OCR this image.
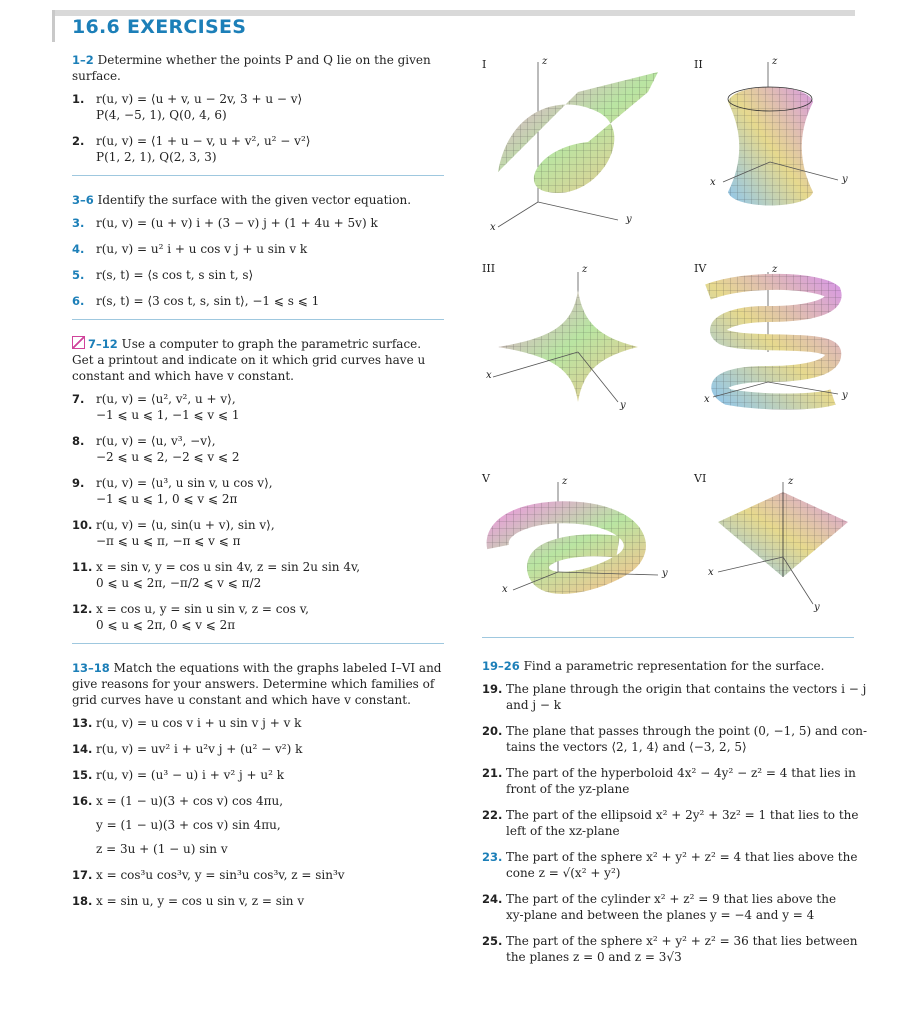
16.6 EXERCISES
1–2 Determine whether the points P and Q lie on the given surface.
1. r(u, v) = ⟨u + v, u − 2v, 3 + u − v⟩
P(4, −5, 1), Q(0, 4, 6)
2. r(u, v) = ⟨1 + u − v, u + v², u² − v²⟩
P(1, 2, 1), Q(2, 3, 3)
3–6 Identify the surface with the given vector equation.
3. r(u, v) = (u + v) i + (3 − v) j + (1 + 4u + 5v) k
4. r(u, v) = u² i + u cos v j + u sin v k
5. r(s, t) = ⟨s cos t, s sin t, s⟩
6. r(s, t) = ⟨3 cos t, s, sin t⟩, −1 ⩽ s ⩽ 1
7–12 Use a computer to graph the parametric surface. Get a printout and indicate on it which grid curves have u constant and which have v constant.
7. r(u, v) = ⟨u², v², u + v⟩,
−1 ⩽ u ⩽ 1, −1 ⩽ v ⩽ 1
8. r(u, v) = ⟨u, v³, −v⟩,
−2 ⩽ u ⩽ 2, −2 ⩽ v ⩽ 2
9. r(u, v) = ⟨u³, u sin v, u cos v⟩,
−1 ⩽ u ⩽ 1, 0 ⩽ v ⩽ 2π
10. r(u, v) = ⟨u, sin(u + v), sin v⟩,
−π ⩽ u ⩽ π, −π ⩽ v ⩽ π
11. x = sin v, y = cos u sin 4v, z = sin 2u sin 4v,
0 ⩽ u ⩽ 2π, −π/2 ⩽ v ⩽ π/2
12. x = cos u, y = sin u sin v, z = cos v,
0 ⩽ u ⩽ 2π, 0 ⩽ v ⩽ 2π
13–18 Match the equations with the graphs labeled I–VI and give reasons for your answers. Determine which families of grid curves have u constant and which have v constant.
13. r(u, v) = u cos v i + u sin v j + v k
14. r(u, v) = uv² i + u²v j + (u² − v²) k
15. r(u, v) = (u³ − u) i + v² j + u² k
16. x = (1 − u)(3 + cos v) cos 4πu,
y = (1 − u)(3 + cos v) sin 4πu,
z = 3u + (1 − u) sin v
17. x = cos³u cos³v, y = sin³u cos³v, z = sin³v
18. x = sin u, y = cos u sin v, z = sin v
I	II
III	IV
V	VI
z
x
y
z
x	y
z
x
y
z
x	y
z
x
y
z
x
y
19–26 Find a parametric representation for the surface.
19. The plane through the origin that contains the vectors i − j
and j − k
20. The plane that passes through the point (0, −1, 5) and con-
tains the vectors ⟨2, 1, 4⟩ and ⟨−3, 2, 5⟩
21. The part of the hyperboloid 4x² − 4y² − z² = 4 that lies in
front of the yz-plane
22. The part of the ellipsoid x² + 2y² + 3z² = 1 that lies to the
left of the xz-plane
23. The part of the sphere x² + y² + z² = 4 that lies above the
cone z = √(x² + y²)
24. The part of the cylinder x² + z² = 9 that lies above the
xy-plane and between the planes y = −4 and y = 4
25. The part of the sphere x² + y² + z² = 36 that lies between
the planes z = 0 and z = 3√3
